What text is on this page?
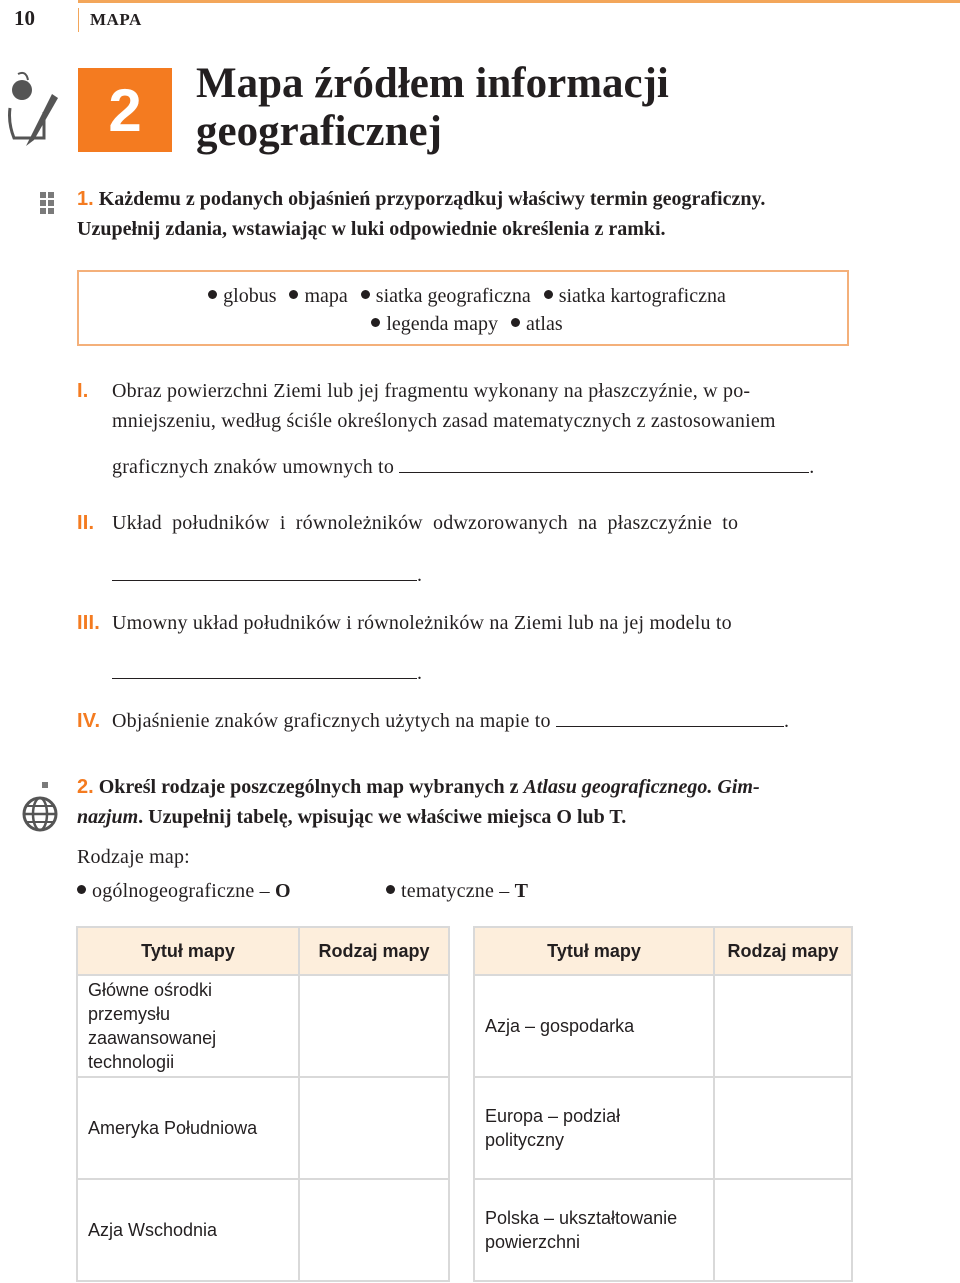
10	MAPA
2	Mapa źródłem informacji
geograficznej
1. Każdemu z podanych objaśnień przyporządkuj właściwy termin geograficzny.
Uzupełnij zdania, wstawiając w luki odpowiednie określenia z ramki.
globus mapa siatka geograficzna siatka kartograficzna
legenda mapy atlas
I. Obraz powierzchni Ziemi lub jej fragmentu wykonany na płaszczyźnie, w po-
mniejszeniu, według ściśle określonych zasad matematycznych z zastosowaniem
graficznych znaków umownych to	.
II. Układ południków i równoleżników odwzorowanych na płaszczyźnie to
.
III. Umowny układ południków i równoleżników na Ziemi lub na jej modelu to
.
IV. Objaśnienie znaków graficznych użytych na mapie to	.
2. Określ rodzaje poszczególnych map wybranych z Atlasu geograficznego. Gim-
nazjum. Uzupełnij tabelę, wpisując we właściwe miejsca O lub T.
Rodzaje map:
ogólnogeograficzne – O	tematyczne – T
Tytuł mapy	Rodzaj mapy
Główne ośrodki przemysłu zaawansowanej technologii	
Ameryka Południowa	
Azja Wschodnia	
Tytuł mapy	Rodzaj mapy
Azja – gospodarka	
Europa – podział polityczny	
Polska – ukształtowanie powierzchni	
